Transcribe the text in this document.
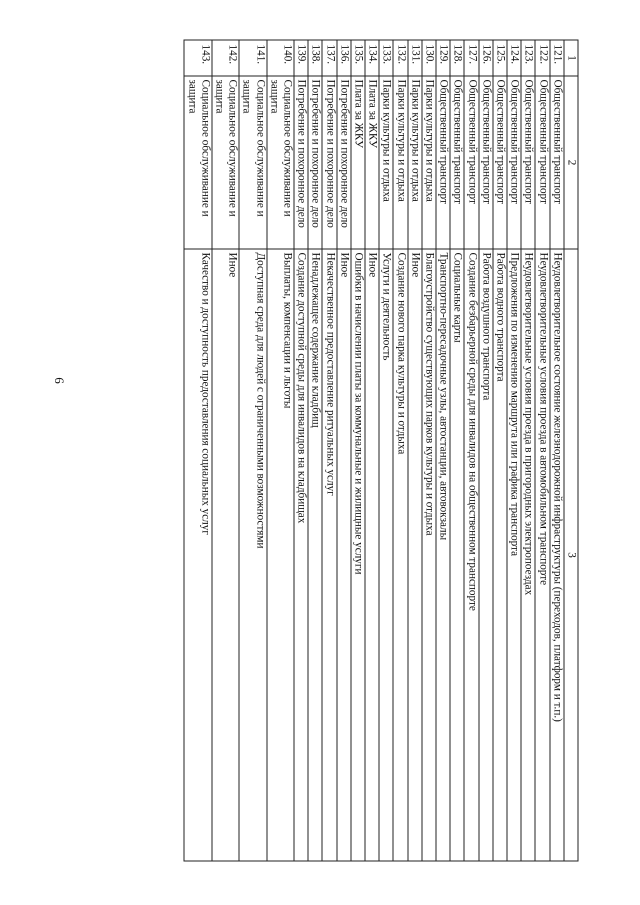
6
1	2	3
121.	Общественный транспорт	Неудовлетворительное состояние железнодорожной инфраструктуры (переходов, платформ и т.п.)
122.	Общественный транспорт	Неудовлетворительные условия проезда в автомобильном транспорте
123.	Общественный транспорт	Неудовлетворительные условия проезда в пригородных электропоездах
124.	Общественный транспорт	Предложения по изменению маршрута или графика транспорта
125.	Общественный транспорт	Работа водного транспорта
126.	Общественный транспорт	Работа воздушного транспорта
127.	Общественный транспорт	Создание безбарьерной среды для инвалидов на общественном транспорте
128.	Общественный транспорт	Социальные карты
129.	Общественный транспорт	Транспортно-пересадочные узлы, автостанции, автовокзалы
130.	Парки культуры и отдыха	Благоустройство существующих парков культуры и отдыха
131.	Парки культуры и отдыха	Иное
132.	Парки культуры и отдыха	Создание нового парка культуры и отдыха
133.	Парки культуры и отдыха	Услуги и деятельность
134.	Плата за ЖКУ	Иное
135.	Плата за ЖКУ	Ошибки в начислении платы за коммунальные и жилищные услуги
136.	Погребение и похоронное дело	Иное
137.	Погребение и похоронное дело	Некачественное предоставление ритуальных услуг
138.	Погребение и похоронное дело	Ненадлежащее содержание кладбищ
139.	Погребение и похоронное дело	Создание доступной среды для инвалидов на кладбищах
140.	Социальное обслуживание и защита	Выплаты, компенсации и льготы
141.	Социальное обслуживание и защита	Доступная среда для людей с ограниченными возможностями
142.	Социальное обслуживание и защита	Иное
143.	Социальное обслуживание и защита	Качество и доступность предоставления социальных услуг
